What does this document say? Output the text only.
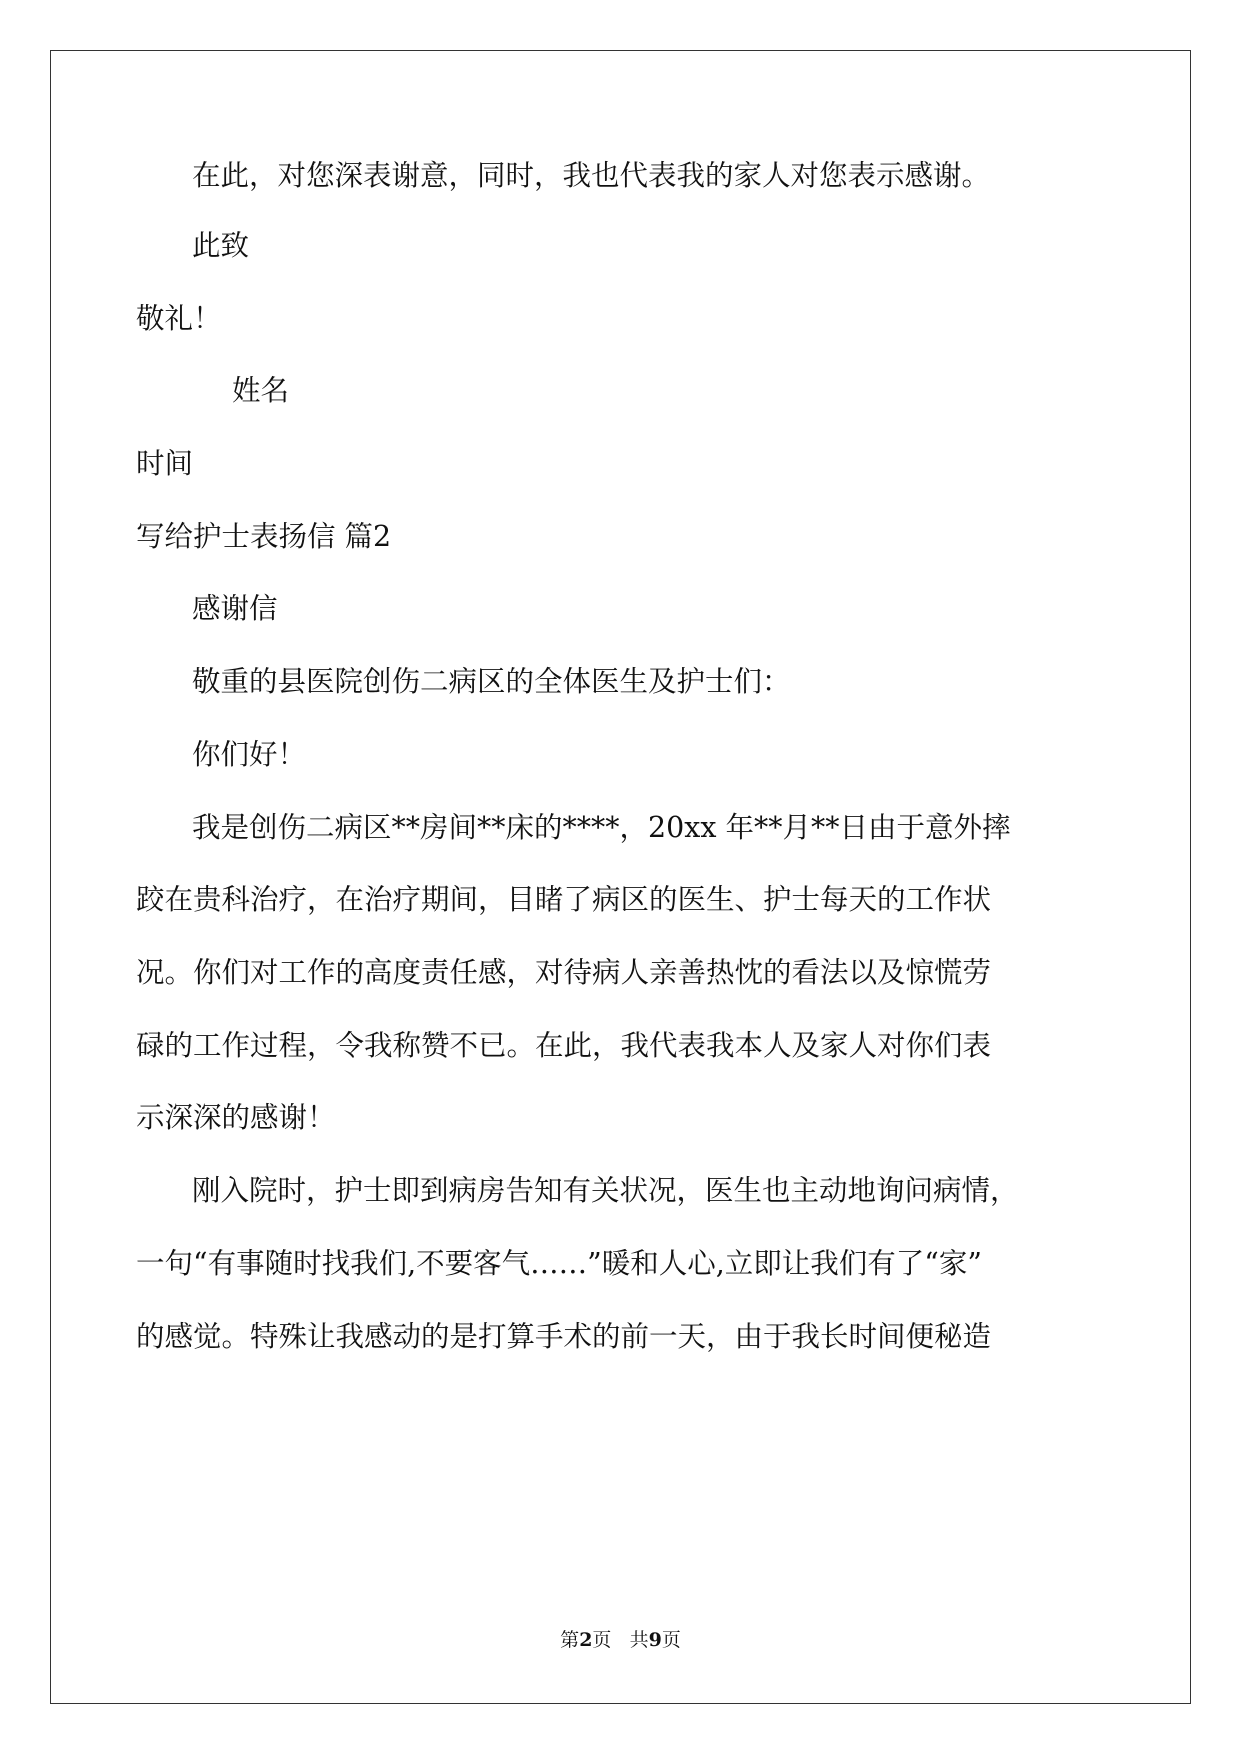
在此，对您深表谢意，同时，我也代表我的家人对您表示感谢。

此致

敬礼！

姓名

时间

写给护士表扬信 篇2

感谢信

敬重的县医院创伤二病区的全体医生及护士们：

你们好！

我是创伤二病区**房间**床的****，20xx 年**月**日由于意外摔

跤在贵科治疗，在治疗期间，目睹了病区的医生、护士每天的工作状

况。你们对工作的高度责任感，对待病人亲善热忱的看法以及惊慌劳

碌的工作过程，令我称赞不已。在此，我代表我本人及家人对你们表

示深深的感谢！

刚入院时，护士即到病房告知有关状况，医生也主动地询问病情，

一句“有事随时找我们,不要客气……”暖和人心,立即让我们有了“家”

的感觉。特殊让我感动的是打算手术的前一天，由于我长时间便秘造

第2页 共9页
